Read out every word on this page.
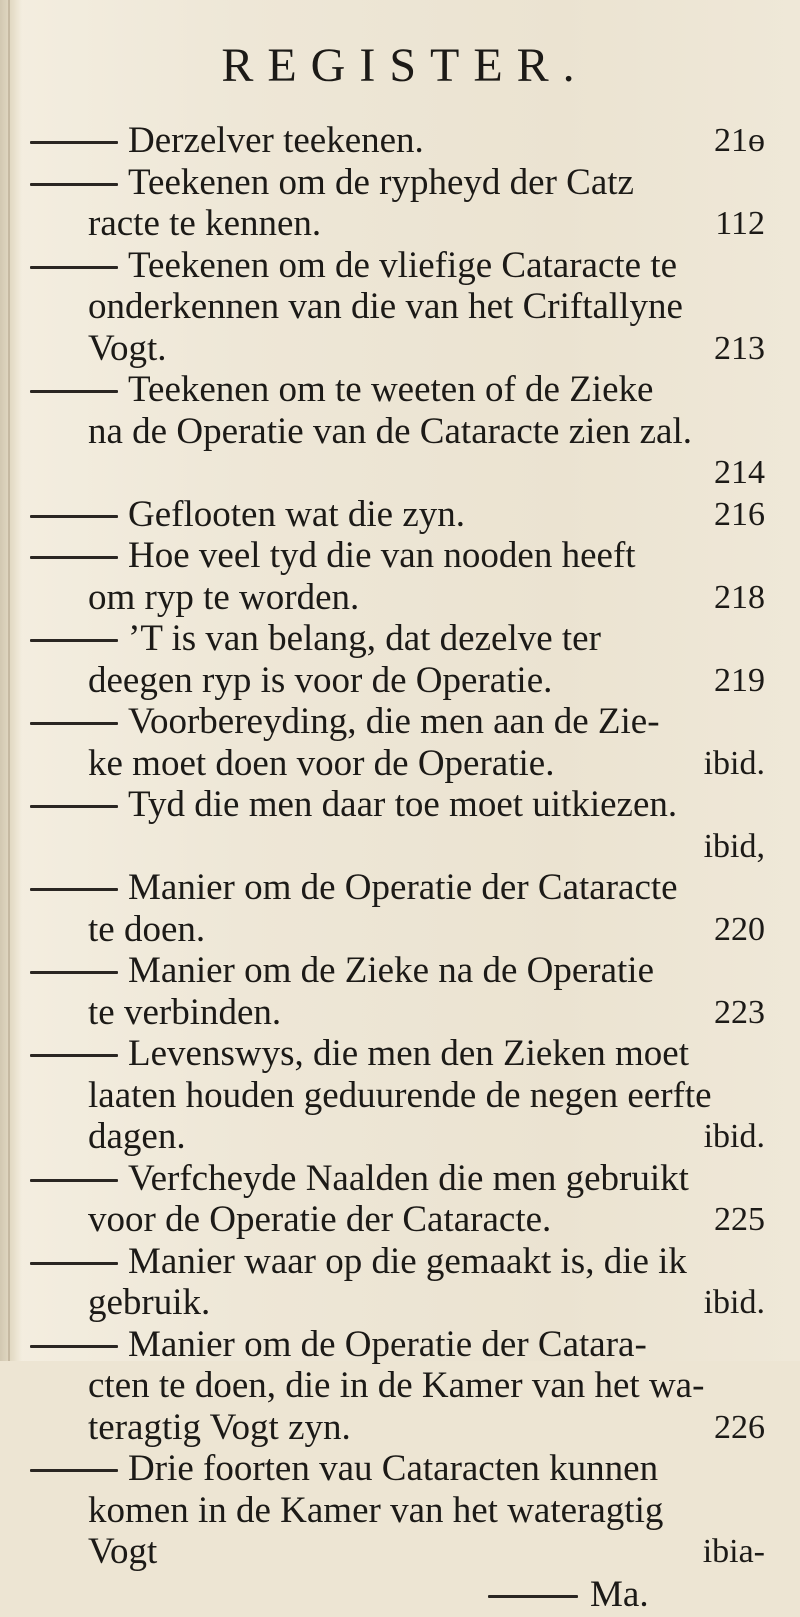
REGISTER.
Derzelver teekenen.	21ɵ
Teekenen om de rypheyd der Catz
racte te kennen.	112
Teekenen om de vliefige Cataracte te
onderkennen van die van het Criftallyne
Vogt.	213
Teekenen om te weeten of de Zieke
na de Operatie van de Cataracte zien zal.
214
Geflooten wat die zyn.	216
Hoe veel tyd die van nooden heeft
om ryp te worden.	218
’T is van belang, dat dezelve ter
deegen ryp is voor de Operatie.	219
Voorbereyding, die men aan de Zie-
ke moet doen voor de Operatie.	ibid.
Tyd die men daar toe moet uitkiezen.
ibid,
Manier om de Operatie der Cataracte
te doen.	220
Manier om de Zieke na de Operatie
te verbinden.	223
Levenswys, die men den Zieken moet
laaten houden geduurende de negen eerfte
dagen.	ibid.
Verfcheyde Naalden die men gebruikt
voor de Operatie der Cataracte.	225
Manier waar op die gemaakt is, die ik
gebruik.	ibid.
Manier om de Operatie der Catara-
cten te doen, die in de Kamer van het wa-
teragtig Vogt zyn.	226
Drie foorten vau Cataracten kunnen
komen in de Kamer van het wateragtig
Vogt	ibia-
Ma.
